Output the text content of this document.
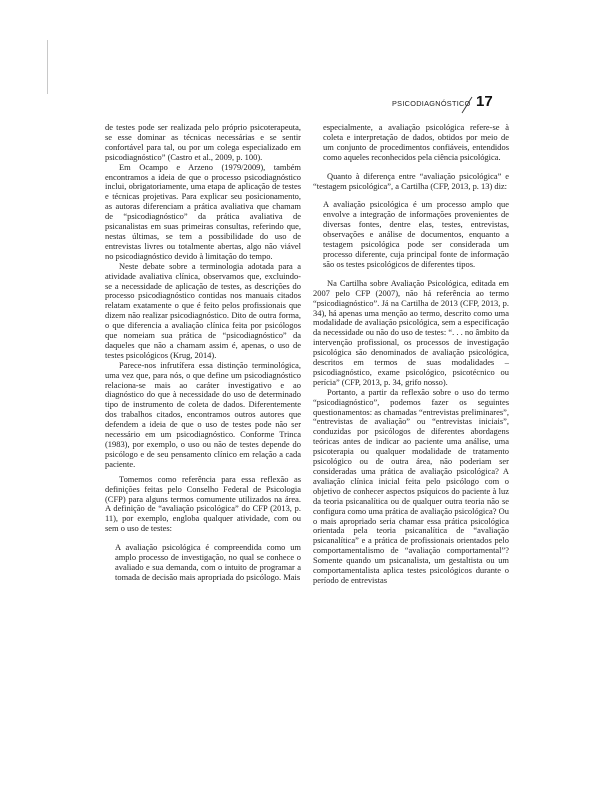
PSICODIAGNÓSTICO 17

de testes pode ser realizada pelo próprio psicoterapeuta, se esse dominar as técnicas necessárias e se sentir confortável para tal, ou por um colega especializado em psicodiagnóstico” (Castro et al., 2009, p. 100).

Em Ocampo e Arzeno (1979/2009), também encontramos a ideia de que o processo psicodiagnóstico inclui, obrigatoriamente, uma etapa de aplicação de testes e técnicas projetivas. Para explicar seu posicionamento, as autoras diferenciam a prática avaliativa que chamam de “psicodiagnóstico” da prática avaliativa de psicanalistas em suas primeiras consultas, referindo que, nestas últimas, se tem a possibilidade do uso de entrevistas livres ou totalmente abertas, algo não viável no psicodiagnóstico devido à limitação do tempo.

Neste debate sobre a terminologia adotada para a atividade avaliativa clínica, observamos que, excluindo-se a necessidade de aplicação de testes, as descrições do processo psicodiagnóstico contidas nos manuais citados relatam exatamente o que é feito pelos profissionais que dizem não realizar psicodiagnóstico. Dito de outra forma, o que diferencia a avaliação clínica feita por psicólogos que nomeiam sua prática de “psicodiagnóstico” da daqueles que não a chamam assim é, apenas, o uso de testes psicológicos (Krug, 2014).

Parece-nos infrutífera essa distinção terminológica, uma vez que, para nós, o que define um psicodiagnóstico relaciona-se mais ao caráter investigativo e ao diagnóstico do que à necessidade do uso de determinado tipo de instrumento de coleta de dados. Diferentemente dos trabalhos citados, encontramos outros autores que defendem a ideia de que o uso de testes pode não ser necessário em um psicodiagnóstico. Conforme Trinca (1983), por exemplo, o uso ou não de testes depende do psicólogo e de seu pensamento clínico em relação a cada paciente.

Tomemos como referência para essa reflexão as definições feitas pelo Conselho Federal de Psicologia (CFP) para alguns termos comumente utilizados na área. A definição de “avaliação psicológica” do CFP (2013, p. 11), por exemplo, engloba qualquer atividade, com ou sem o uso de testes:

A avaliação psicológica é compreendida como um amplo processo de investigação, no qual se conhece o avaliado e sua demanda, com o intuito de programar a tomada de decisão mais apropriada do psicólogo. Mais

especialmente, a avaliação psicológica refere-se à coleta e interpretação de dados, obtidos por meio de um conjunto de procedimentos confiáveis, entendidos como aqueles reconhecidos pela ciência psicológica.

Quanto à diferença entre “avaliação psicológica” e “testagem psicológica”, a Cartilha (CFP, 2013, p. 13) diz:

A avaliação psicológica é um processo amplo que envolve a integração de informações provenientes de diversas fontes, dentre elas, testes, entrevistas, observações e análise de documentos, enquanto a testagem psicológica pode ser considerada um processo diferente, cuja principal fonte de informação são os testes psicológicos de diferentes tipos.

Na Cartilha sobre Avaliação Psicológica, editada em 2007 pelo CFP (2007), não há referência ao termo “psicodiagnóstico”. Já na Cartilha de 2013 (CFP, 2013, p. 34), há apenas uma menção ao termo, descrito como uma modalidade de avaliação psicológica, sem a especificação da necessidade ou não do uso de testes: “. . . no âmbito da intervenção profissional, os processos de investigação psicológica são denominados de avaliação psicológica, descritos em termos de suas modalidades – psicodiagnóstico, exame psicológico, psicotécnico ou perícia” (CFP, 2013, p. 34, grifo nosso).

Portanto, a partir da reflexão sobre o uso do termo “psicodiagnóstico”, podemos fazer os seguintes questionamentos: as chamadas “entrevistas preliminares”, “entrevistas de avaliação” ou “entrevistas iniciais”, conduzidas por psicólogos de diferentes abordagens teóricas antes de indicar ao paciente uma análise, uma psicoterapia ou qualquer modalidade de tratamento psicológico ou de outra área, não poderiam ser consideradas uma prática de avaliação psicológica? A avaliação clínica inicial feita pelo psicólogo com o objetivo de conhecer aspectos psíquicos do paciente à luz da teoria psicanalítica ou de qualquer outra teoria não se configura como uma prática de avaliação psicológica? Ou o mais apropriado seria chamar essa prática psicológica orientada pela teoria psicanalítica de “avaliação psicanalítica” e a prática de profissionais orientados pelo comportamentalismo de “avaliação comportamental”? Somente quando um psicanalista, um gestaltista ou um comportamentalista aplica testes psicológicos durante o período de entrevistas
